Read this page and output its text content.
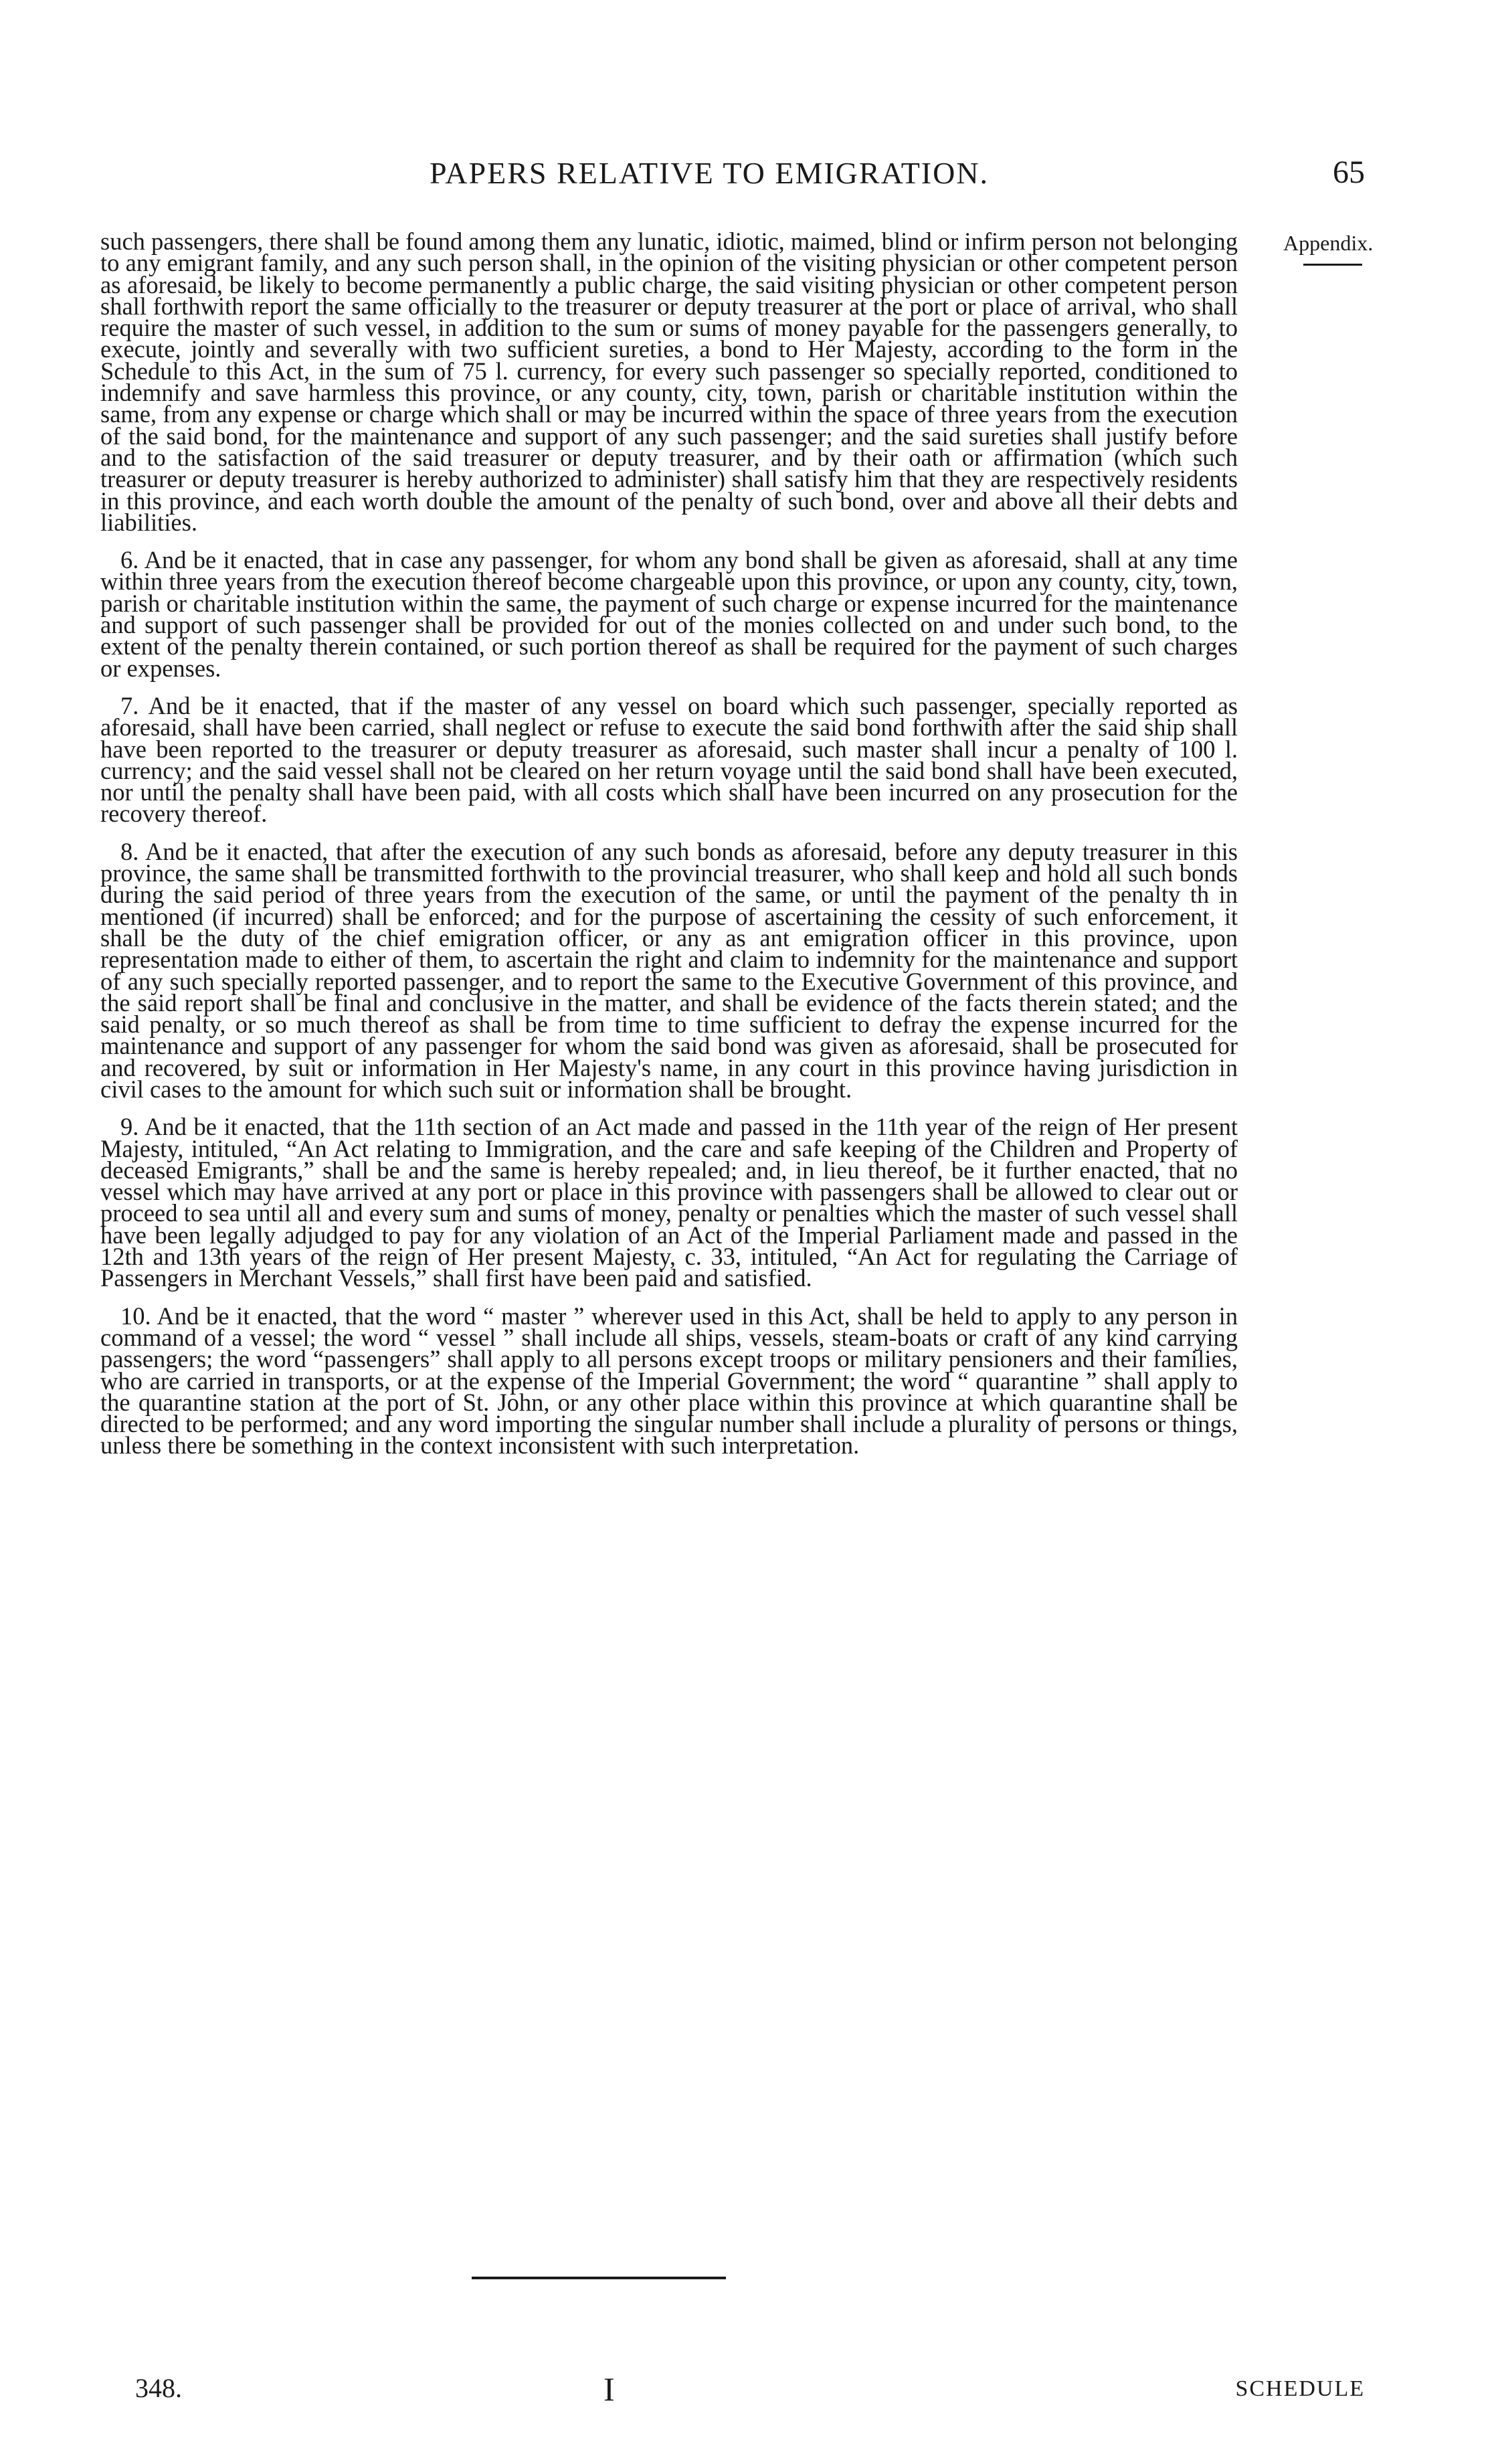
PAPERS RELATIVE TO EMIGRATION.	65
Appendix.

such passengers, there shall be found among them any lunatic, idiotic, maimed, blind or infirm person not belonging to any emigrant family, and any such person shall, in the opinion of the visiting physician or other competent person as aforesaid, be likely to become permanently a public charge, the said visiting physician or other competent person shall forthwith report the same officially to the treasurer or deputy treasurer at the port or place of arrival, who shall require the master of such vessel, in addition to the sum or sums of money payable for the passengers generally, to execute, jointly and severally with two sufficient sureties, a bond to Her Majesty, according to the form in the Schedule to this Act, in the sum of 75 l. currency, for every such passenger so specially reported, conditioned to indemnify and save harmless this province, or any county, city, town, parish or charitable institution within the same, from any expense or charge which shall or may be incurred within the space of three years from the execution of the said bond, for the maintenance and support of any such passenger; and the said sureties shall justify before and to the satisfaction of the said treasurer or deputy treasurer, and by their oath or affirmation (which such treasurer or deputy treasurer is hereby authorized to administer) shall satisfy him that they are respectively residents in this province, and each worth double the amount of the penalty of such bond, over and above all their debts and liabilities.

6. And be it enacted, that in case any passenger, for whom any bond shall be given as aforesaid, shall at any time within three years from the execution thereof become chargeable upon this province, or upon any county, city, town, parish or charitable institution within the same, the payment of such charge or expense incurred for the maintenance and support of such passenger shall be provided for out of the monies collected on and under such bond, to the extent of the penalty therein contained, or such portion thereof as shall be required for the payment of such charges or expenses.

7. And be it enacted, that if the master of any vessel on board which such passenger, specially reported as aforesaid, shall have been carried, shall neglect or refuse to execute the said bond forthwith after the said ship shall have been reported to the treasurer or deputy treasurer as aforesaid, such master shall incur a penalty of 100 l. currency; and the said vessel shall not be cleared on her return voyage until the said bond shall have been executed, nor until the penalty shall have been paid, with all costs which shall have been incurred on any prosecution for the recovery thereof.

8. And be it enacted, that after the execution of any such bonds as aforesaid, before any deputy treasurer in this province, the same shall be transmitted forthwith to the provincial treasurer, who shall keep and hold all such bonds during the said period of three years from the execution of the same, or until the payment of the penalty th in mentioned (if incurred) shall be enforced; and for the purpose of ascertaining the cessity of such enforcement, it shall be the duty of the chief emigration officer, or any as ant emigration officer in this province, upon representation made to either of them, to ascertain the right and claim to indemnity for the maintenance and support of any such specially reported passenger, and to report the same to the Executive Government of this province, and the said report shall be final and conclusive in the matter, and shall be evidence of the facts therein stated; and the said penalty, or so much thereof as shall be from time to time sufficient to defray the expense incurred for the maintenance and support of any passenger for whom the said bond was given as aforesaid, shall be prosecuted for and recovered, by suit or information in Her Majesty's name, in any court in this province having jurisdiction in civil cases to the amount for which such suit or information shall be brought.

9. And be it enacted, that the 11th section of an Act made and passed in the 11th year of the reign of Her present Majesty, intituled, “An Act relating to Immigration, and the care and safe keeping of the Children and Property of deceased Emigrants,” shall be and the same is hereby repealed; and, in lieu thereof, be it further enacted, that no vessel which may have arrived at any port or place in this province with passengers shall be allowed to clear out or proceed to sea until all and every sum and sums of money, penalty or penalties which the master of such vessel shall have been legally adjudged to pay for any violation of an Act of the Imperial Parliament made and passed in the 12th and 13th years of the reign of Her present Majesty, c. 33, intituled, “An Act for regulating the Carriage of Passengers in Merchant Vessels,” shall first have been paid and satisfied.

10. And be it enacted, that the word “ master ” wherever used in this Act, shall be held to apply to any person in command of a vessel; the word “ vessel ” shall include all ships, vessels, steam-boats or craft of any kind carrying passengers; the word “passengers” shall apply to all persons except troops or military pensioners and their families, who are carried in transports, or at the expense of the Imperial Government; the word “ quarantine ” shall apply to the quarantine station at the port of St. John, or any other place within this province at which quarantine shall be directed to be performed; and any word importing the singular number shall include a plurality of persons or things, unless there be something in the context inconsistent with such interpretation.

348.	I	SCHEDULE
